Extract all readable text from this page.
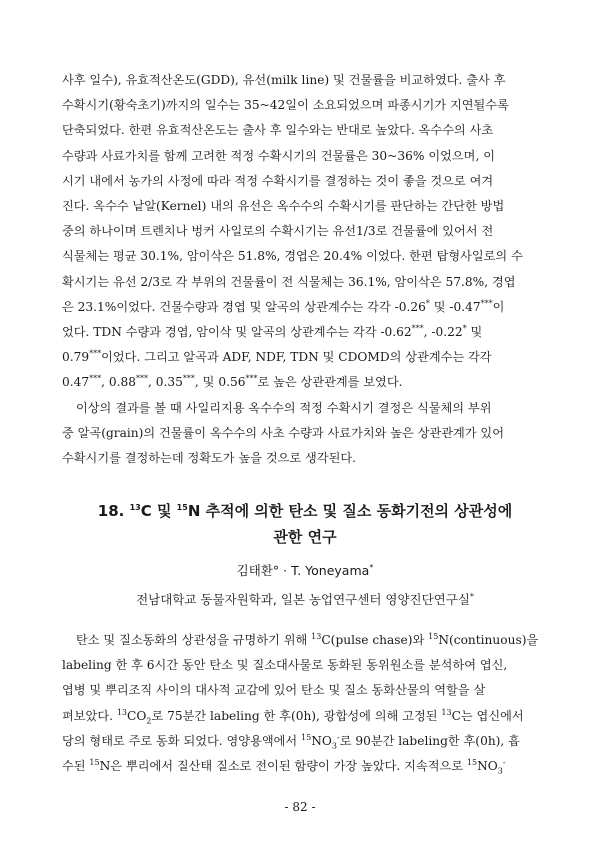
사후 일수), 유효적산온도(GDD), 유선(milk line) 및 건물률을 비교하였다. 출사 후
수확시기(황숙초기)까지의 일수는 35~42일이 소요되었으며 파종시기가 지연될수록
단축되었다. 한편 유효적산온도는 출사 후 일수와는 반대로 높았다. 옥수수의 사초
수량과 사료가치를 함께 고려한 적정 수확시기의 건물률은 30~36% 이었으며, 이
시기 내에서 농가의 사정에 따라 적정 수확시기를 결정하는 것이 좋을 것으로 여겨
진다. 옥수수 낱알(Kernel) 내의 유선은 옥수수의 수확시기를 판단하는 간단한 방법
중의 하나이며 트렌치나 벙커 사일로의 수확시기는 유선1/3로 건물률에 있어서 전
식물체는 평균 30.1%, 암이삭은 51.8%, 경엽은 20.4% 이었다. 한편 탑형사일로의 수
확시기는 유선 2/3로 각 부위의 건물률이 전 식물체는 36.1%, 암이삭은 57.8%, 경엽
은 23.1%이었다. 건물수량과 경엽 및 알곡의 상관계수는 각각 -0.26* 및 -0.47***이
었다. TDN 수량과 경엽, 암이삭 및 알곡의 상관계수는 각각 -0.62***, -0.22* 및
0.79***이었다. 그리고 알곡과 ADF, NDF, TDN 및 CDOMD의 상관계수는 각각
0.47***, 0.88***, 0.35***, 및 0.56***로 높은 상관관계를 보였다.

이상의 결과를 볼 때 사일리지용 옥수수의 적정 수확시기 결정은 식물체의 부위
중 알곡(grain)의 건물률이 옥수수의 사초 수량과 사료가치와 높은 상관관계가 있어
수확시기를 결정하는데 정확도가 높을 것으로 생각된다.

18. $^{13}$C 및 $^{15}$N 추적에 의한 탄소 및 질소 동화기전의 상관성에
관한 연구
김태환° · T. Yoneyama*
전남대학교 동물자원학과, 일본 농업연구센터 영양진단연구실*

탄소 및 질소동화의 상관성을 규명하기 위해 $^{13}$C(pulse chase)와 $^{15}$N(continuous)을
labeling 한 후 6시간 동안 탄소 및 질소대사물로 동화된 동위원소를 분석하여 엽신,
엽병 및 뿌리조직 사이의 대사적 교감에 있어 탄소 및 질소 동화산물의 역할을 살
펴보았다. $^{13}CO_2$로 75분간 labeling 한 후(0h), 광합성에 의해 고정된 $^{13}$C는 엽신에서
당의 형태로 주로 동화 되었다. 영양용액에서 $^{15}NO_3^-$로 90분간 labeling한 후(0h), 흡
수된 $^{15}$N은 뿌리에서 질산태 질소로 전이된 함량이 가장 높았다. 지속적으로 $^{15}NO_3^-$

- 82 -
